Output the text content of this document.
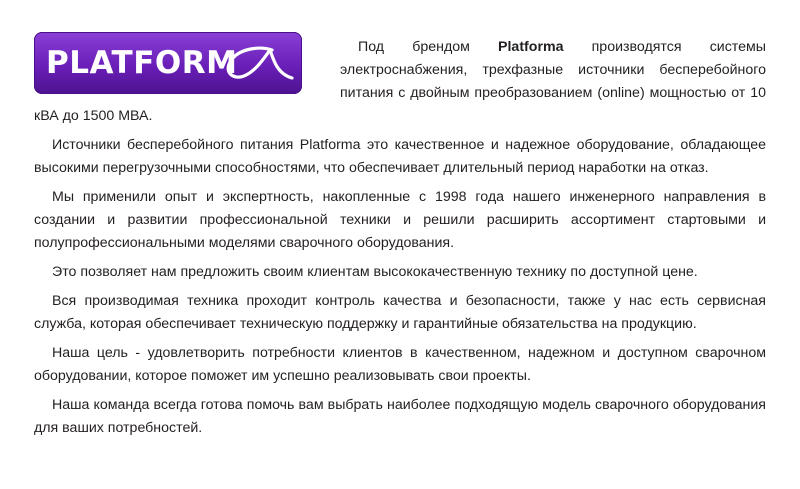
PLATFORM	Под брендом Platforma производятся системы электроснабжения, трехфазные источники бесперебойного питания с двойным преобразованием (online) мощностью от 10 кВА до 1500 МВА.

Источники бесперебойного питания Platforma это качественное и надежное оборудование, обладающее высокими перегрузочными способностями, что обеспечивает длительный период наработки на отказ.

Мы применили опыт и экспертность, накопленные с 1998 года нашего инженерного направления в создании и развитии профессиональной техники и решили расширить ассортимент стартовыми и полупрофессиональными моделями сварочного оборудования.

Это позволяет нам предложить своим клиентам высококачественную технику по доступной цене.

Вся производимая техника проходит контроль качества и безопасности, также у нас есть сервисная служба, которая обеспечивает техническую поддержку и гарантийные обязательства на продукцию.

Наша цель - удовлетворить потребности клиентов в качественном, надежном и доступном сварочном оборудовании, которое поможет им успешно реализовывать свои проекты.

Наша команда всегда готова помочь вам выбрать наиболее подходящую модель сварочного оборудования для ваших потребностей.
